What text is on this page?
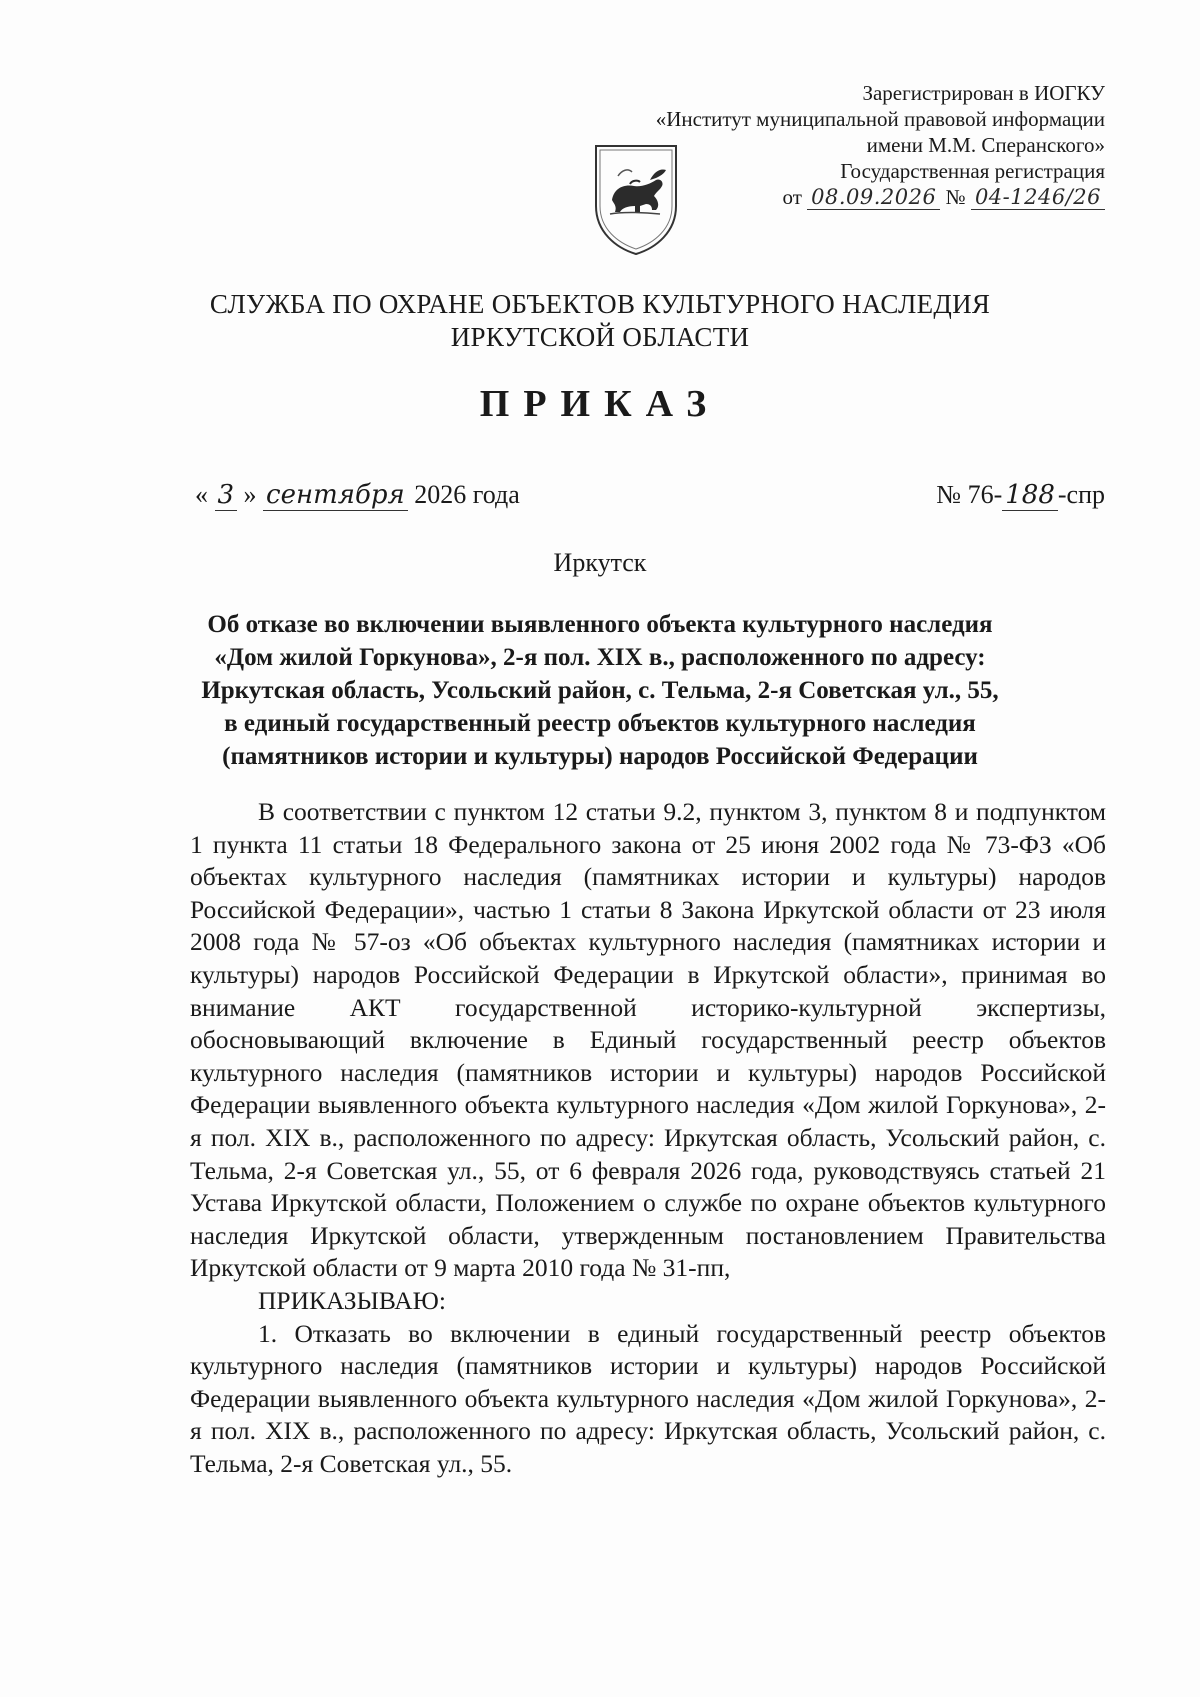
Зарегистрирован в ИОГКУ
«Институт муниципальной правовой информации
имени М.М. Сперанского»
Государственная регистрация
от 08.09.2026 № 04-1246/26
СЛУЖБА ПО ОХРАНЕ ОБЪЕКТОВ КУЛЬТУРНОГО НАСЛЕДИЯ
ИРКУТСКОЙ ОБЛАСТИ
ПРИКАЗ
« 3 » сентября 2026 года	№ 76- 188 -спр
Иркутск
Об отказе во включении выявленного объекта культурного наследия
«Дом жилой Горкунова», 2-я пол. XIX в., расположенного по адресу:
Иркутская область, Усольский район, с. Тельма, 2-я Советская ул., 55,
в единый государственный реестр объектов культурного наследия
(памятников истории и культуры) народов Российской Федерации

В соответствии с пунктом 12 статьи 9.2, пунктом 3, пунктом 8 и подпунктом 1 пункта 11 статьи 18 Федерального закона от 25 июня 2002 года № 73-ФЗ «Об объектах культурного наследия (памятниках истории и культуры) народов Российской Федерации», частью 1 статьи 8 Закона Иркутской области от 23 июля 2008 года № 57-оз «Об объектах культурного наследия (памятниках истории и культуры) народов Российской Федерации в Иркутской области», принимая во внимание АКТ государственной историко-культурной экспертизы, обосновывающий включение в Единый государственный реестр объектов культурного наследия (памятников истории и культуры) народов Российской Федерации выявленного объекта культурного наследия «Дом жилой Горкунова», 2-я пол. XIX в., расположенного по адресу: Иркутская область, Усольский район, с. Тельма, 2-я Советская ул., 55, от 6 февраля 2026 года, руководствуясь статьей 21 Устава Иркутской области, Положением о службе по охране объектов культурного наследия Иркутской области, утвержденным постановлением Правительства Иркутской области от 9 марта 2010 года № 31-пп,

ПРИКАЗЫВАЮ:

1. Отказать во включении в единый государственный реестр объектов культурного наследия (памятников истории и культуры) народов Российской Федерации выявленного объекта культурного наследия «Дом жилой Горкунова», 2-я пол. XIX в., расположенного по адресу: Иркутская область, Усольский район, с. Тельма, 2-я Советская ул., 55.
